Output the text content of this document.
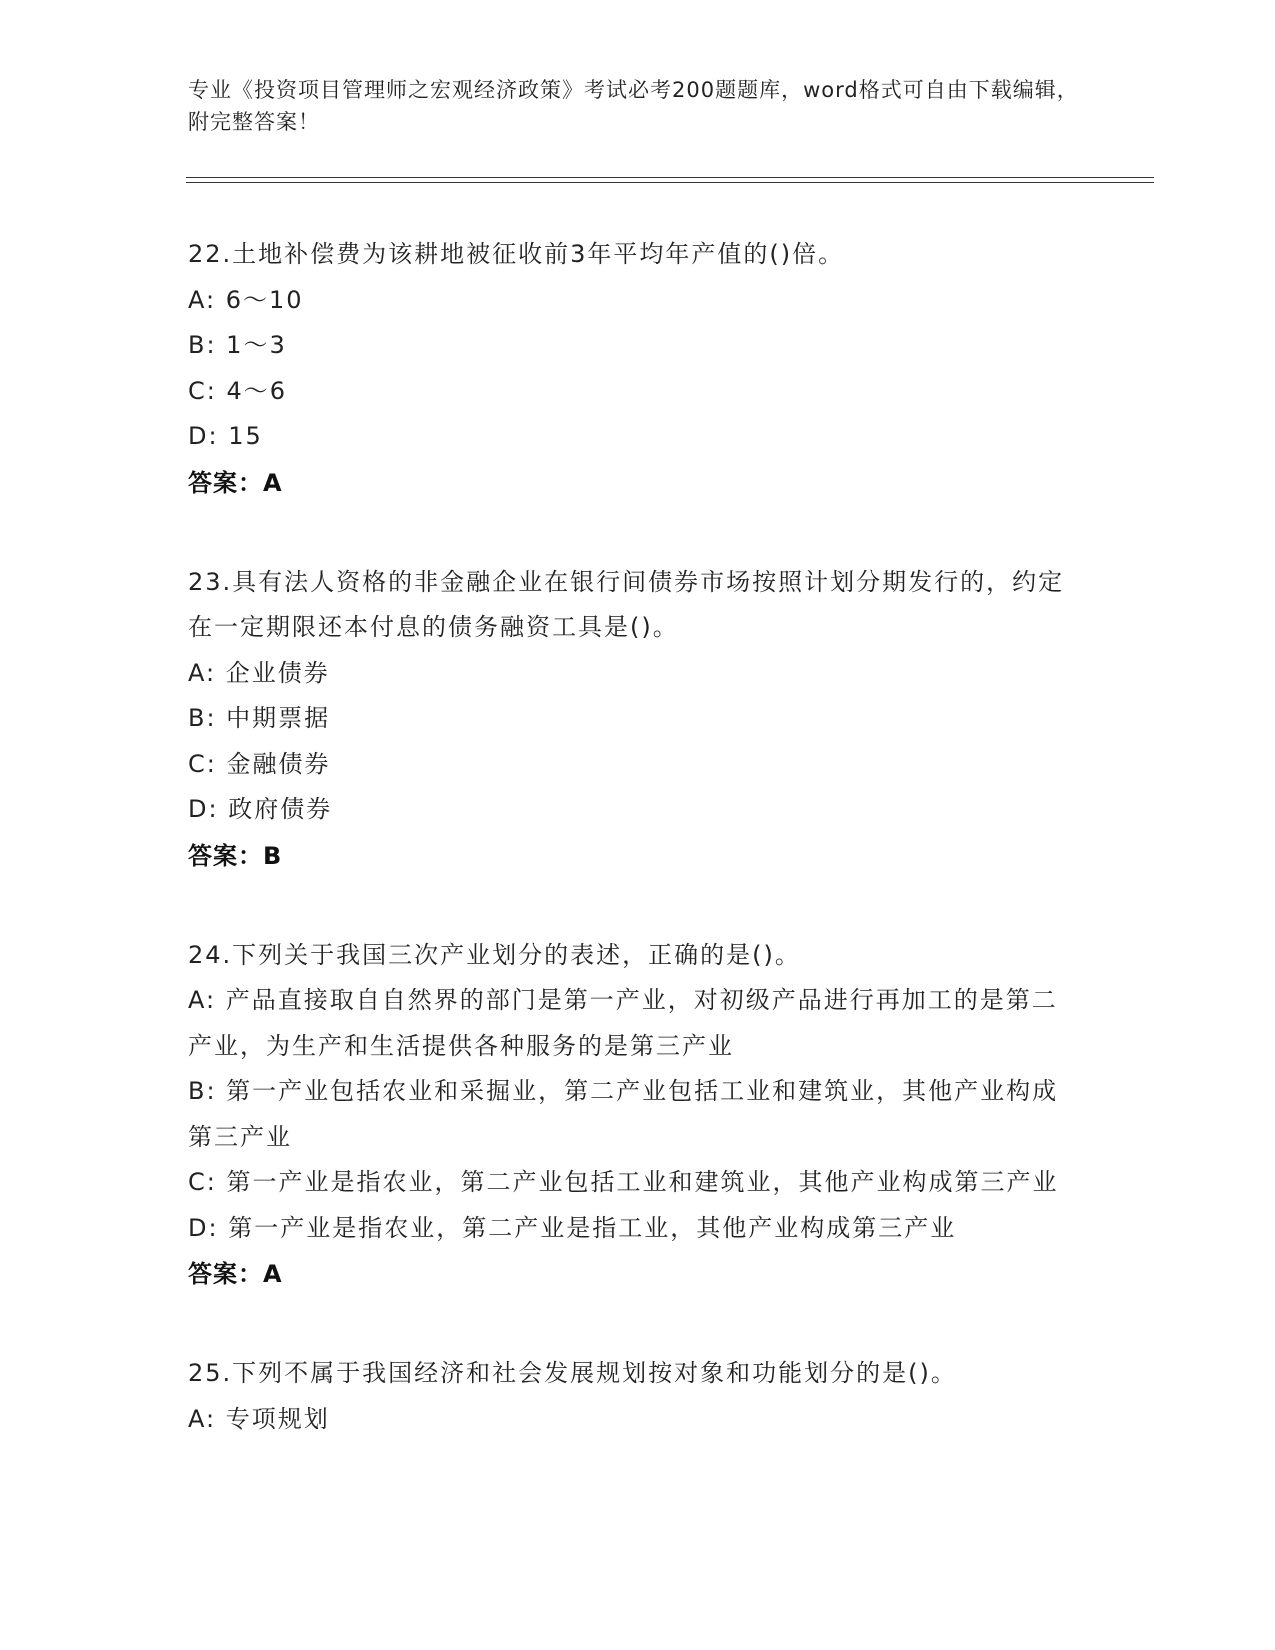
专业《投资项目管理师之宏观经济政策》考试必考200题题库，word格式可自由下载编辑，附完整答案！
22.土地补偿费为该耕地被征收前3年平均年产值的()倍。
A: 6～10
B: 1～3
C: 4～6
D: 15
答案：A
23.具有法人资格的非金融企业在银行间债券市场按照计划分期发行的，约定在一定期限还本付息的债务融资工具是()。
A: 企业债券
B: 中期票据
C: 金融债券
D: 政府债券
答案：B
24.下列关于我国三次产业划分的表述，正确的是()。
A: 产品直接取自自然界的部门是第一产业，对初级产品进行再加工的是第二产业，为生产和生活提供各种服务的是第三产业
B: 第一产业包括农业和采掘业，第二产业包括工业和建筑业，其他产业构成第三产业
C: 第一产业是指农业，第二产业包括工业和建筑业，其他产业构成第三产业
D: 第一产业是指农业，第二产业是指工业，其他产业构成第三产业
答案：A
25.下列不属于我国经济和社会发展规划按对象和功能划分的是()。
A: 专项规划
